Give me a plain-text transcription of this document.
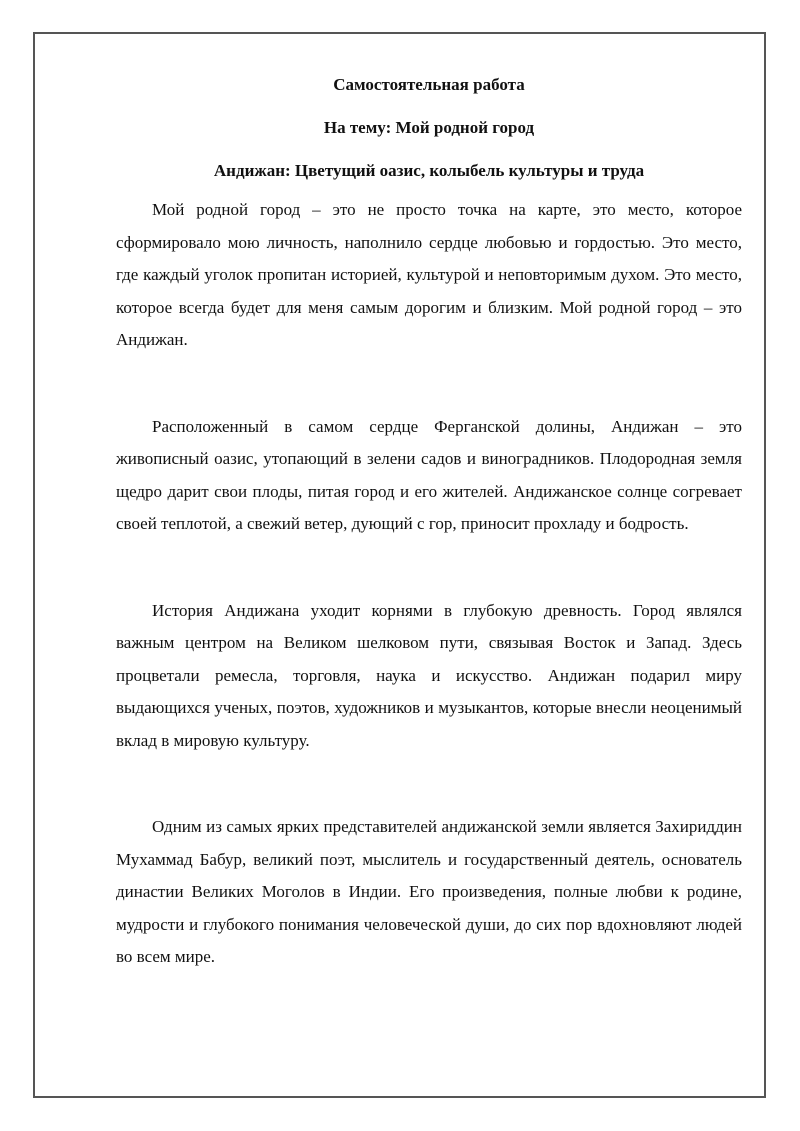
Самостоятельная работа

На тему: Мой родной город

Андижан: Цветущий оазис, колыбель культуры и труда

Мой родной город – это не просто точка на карте, это место, которое сформировало мою личность, наполнило сердце любовью и гордостью. Это место, где каждый уголок пропитан историей, культурой и неповторимым духом. Это место, которое всегда будет для меня самым дорогим и близким. Мой родной город – это Андижан.

Расположенный в самом сердце Ферганской долины, Андижан – это живописный оазис, утопающий в зелени садов и виноградников. Плодородная земля щедро дарит свои плоды, питая город и его жителей. Андижанское солнце согревает своей теплотой, а свежий ветер, дующий с гор, приносит прохладу и бодрость.

История Андижана уходит корнями в глубокую древность. Город являлся важным центром на Великом шелковом пути, связывая Восток и Запад. Здесь процветали ремесла, торговля, наука и искусство. Андижан подарил миру выдающихся ученых, поэтов, художников и музыкантов, которые внесли неоценимый вклад в мировую культуру.

Одним из самых ярких представителей андижанской земли является Захириддин Мухаммад Бабур, великий поэт, мыслитель и государственный деятель, основатель династии Великих Моголов в Индии. Его произведения, полные любви к родине, мудрости и глубокого понимания человеческой души, до сих пор вдохновляют людей во всем мире.
